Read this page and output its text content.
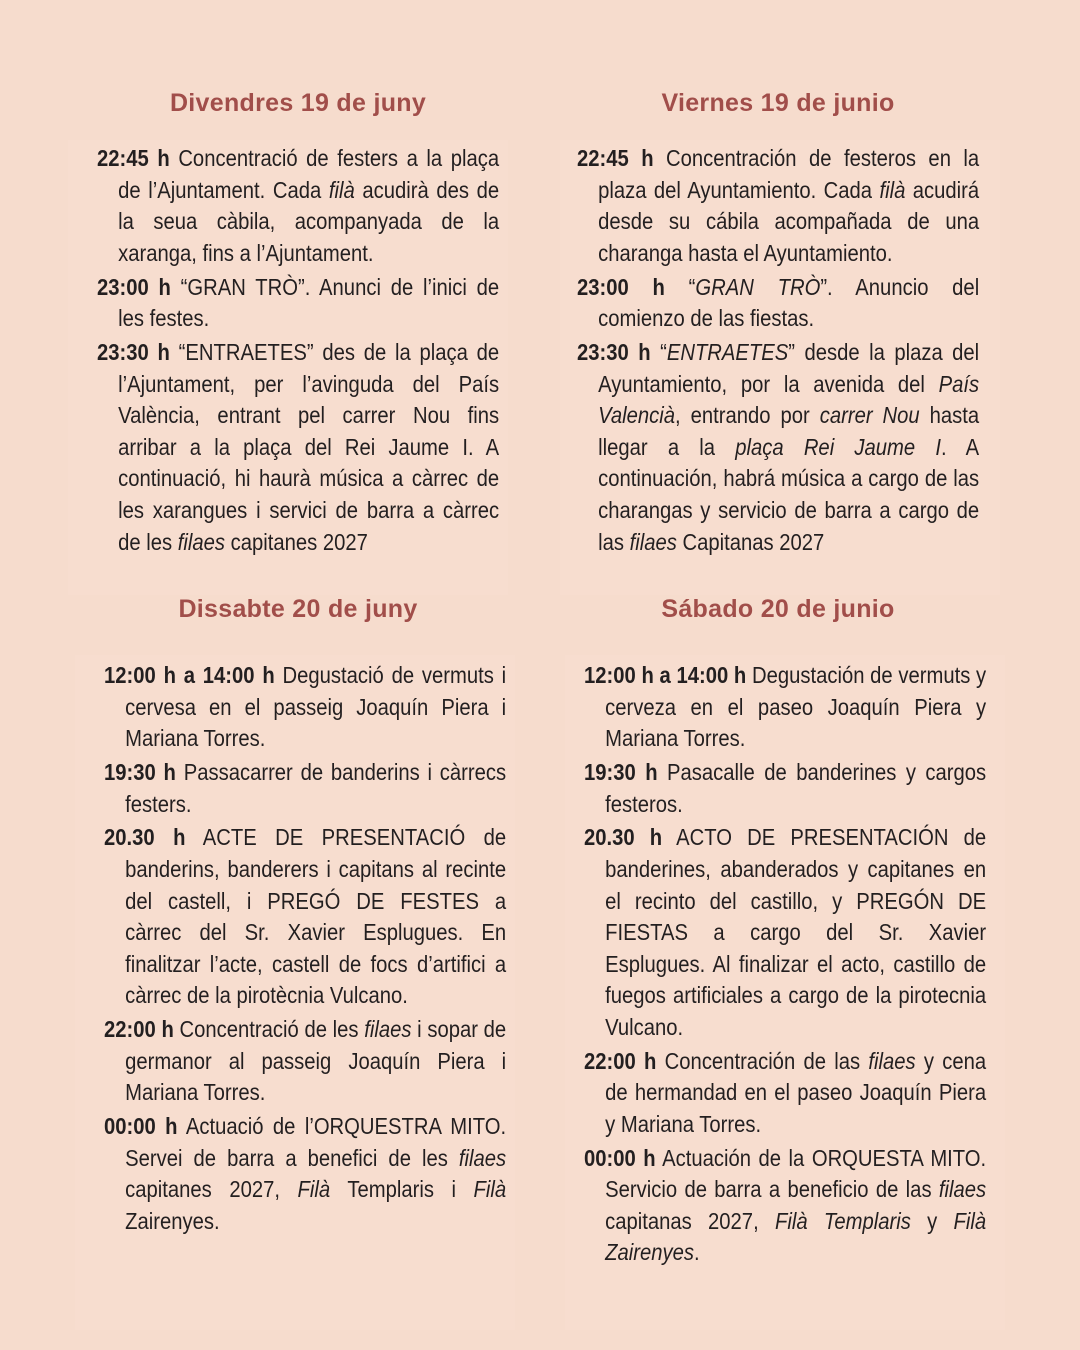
Divendres 19 de juny	Viernes 19 de junio
Dissabte 20 de juny	Sábado 20 de junio

22:45 h Concentració de festers a la plaça de l’Ajuntament. Cada filà acudirà des de la seua càbila, acompanyada de la xaranga, fins a l’Ajuntament.

23:00 h “GRAN TRÒ”. Anunci de l’inici de les festes.

23:30 h “ENTRAETES” des de la plaça de l’Ajuntament, per l’avinguda del País València, entrant pel carrer Nou fins arribar a la plaça del Rei Jaume I. A continuació, hi haurà música a càrrec de les xarangues i servici de barra a càrrec de les filaes capitanes 2027

22:45 h Concentración de festeros en la plaza del Ayuntamiento. Cada filà acudirá desde su cábila acompañada de una charanga hasta el Ayuntamiento.

23:00 h “GRAN TRÒ”. Anuncio del comienzo de las fiestas.

23:30 h “ENTRAETES” desde la plaza del Ayuntamiento, por la avenida del País Valencià, entrando por carrer Nou hasta llegar a la plaça Rei Jaume I. A continuación, habrá música a cargo de las charangas y servicio de barra a cargo de las filaes Capitanas 2027

12:00 h a 14:00 h Degustació de vermuts i cervesa en el passeig Joaquín Piera i Mariana Torres.

19:30 h Passacarrer de banderins i càrrecs festers.

20.30 h ACTE DE PRESENTACIÓ de banderins, banderers i capitans al recinte del castell, i PREGÓ DE FESTES a càrrec del Sr. Xavier Esplugues. En finalitzar l’acte, castell de focs d’artifici a càrrec de la pirotècnia Vulcano.

22:00 h Concentració de les filaes i sopar de germanor al passeig Joaquín Piera i Mariana Torres.

00:00 h Actuació de l’ORQUESTRA MITO. Servei de barra a benefici de les filaes capitanes 2027, Filà Templaris i Filà Zairenyes.

12:00 h a 14:00 h Degustación de vermuts y cerveza en el paseo Joaquín Piera y Mariana Torres.

19:30 h Pasacalle de banderines y cargos festeros.

20.30 h ACTO DE PRESENTACIÓN de banderines, abanderados y capitanes en el recinto del castillo, y PREGÓN DE FIESTAS a cargo del Sr. Xavier Esplugues. Al finalizar el acto, castillo de fuegos artificiales a cargo de la pirotecnia Vulcano.

22:00 h Concentración de las filaes y cena de hermandad en el paseo Joaquín Piera y Mariana Torres.

00:00 h Actuación de la ORQUESTA MITO. Servicio de barra a beneficio de las filaes capitanas 2027, Filà Templaris y Filà Zairenyes.
